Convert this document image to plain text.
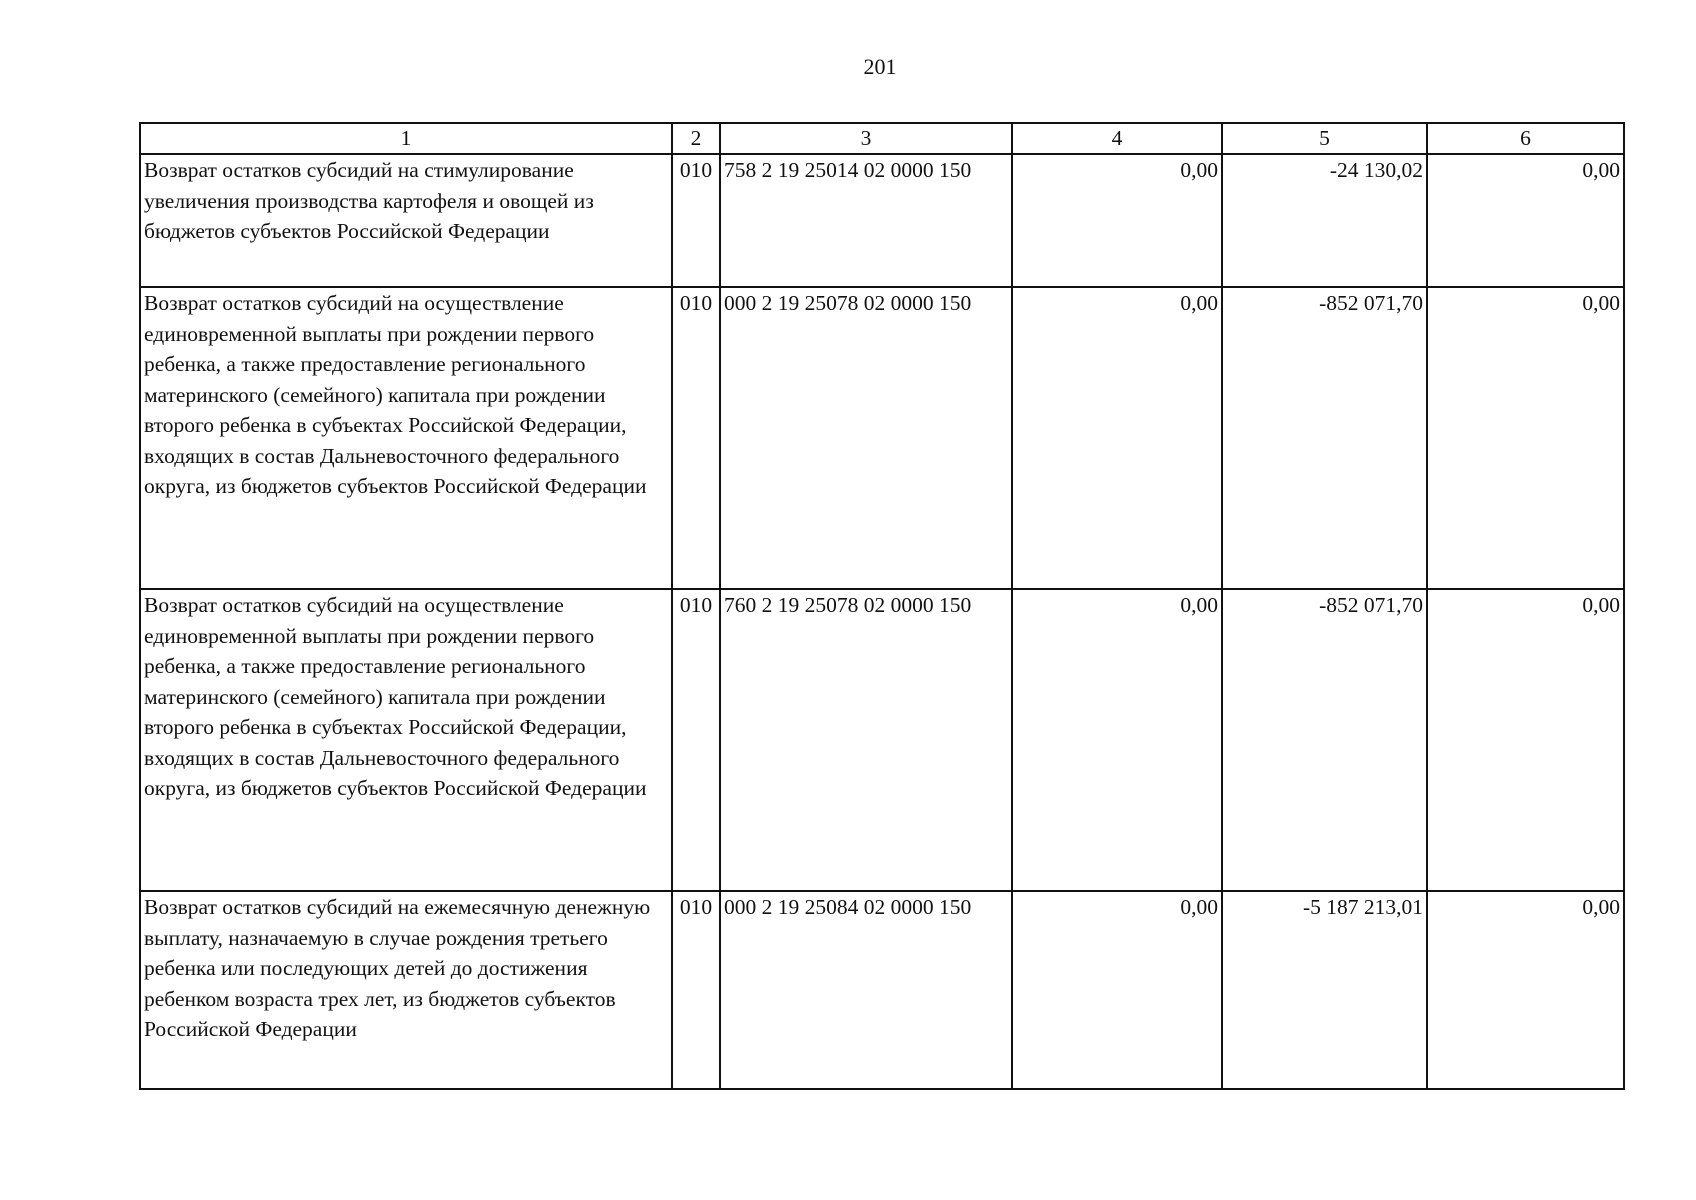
201
1	2	3	4	5	6
Возврат остатков субсидий на стимулирование увеличения производства картофеля и овощей из бюджетов субъектов Российской Федерации	010	758 2 19 25014 02 0000 150	0,00	-24 130,02	0,00
Возврат остатков субсидий на осуществление единовременной выплаты при рождении первого ребенка, а также предоставление регионального материнского (семейного) капитала при рождении второго ребенка в субъектах Российской Федерации, входящих в состав Дальневосточного федерального округа, из бюджетов субъектов Российской Федерации	010	000 2 19 25078 02 0000 150	0,00	-852 071,70	0,00
Возврат остатков субсидий на осуществление единовременной выплаты при рождении первого ребенка, а также предоставление регионального материнского (семейного) капитала при рождении второго ребенка в субъектах Российской Федерации, входящих в состав Дальневосточного федерального округа, из бюджетов субъектов Российской Федерации	010	760 2 19 25078 02 0000 150	0,00	-852 071,70	0,00
Возврат остатков субсидий на ежемесячную денежную выплату, назначаемую в случае рождения третьего ребенка или последующих детей до достижения ребенком возраста трех лет, из бюджетов субъектов Российской Федерации	010	000 2 19 25084 02 0000 150	0,00	-5 187 213,01	0,00
